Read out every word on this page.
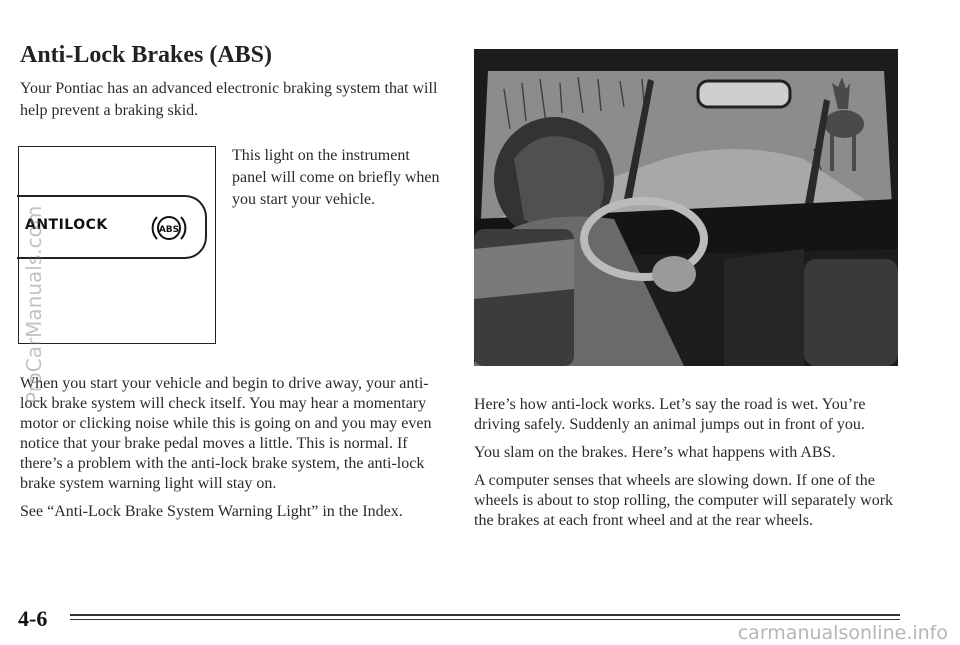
Anti-Lock Brakes (ABS)

Your Pontiac has an advanced electronic braking system that will help prevent a braking skid.

ANTILOCK	ABS

This light on the instrument panel will come on briefly when you start your vehicle.

When you start your vehicle and begin to drive away, your anti-lock brake system will check itself. You may hear a momentary motor or clicking noise while this is going on and you may even notice that your brake pedal moves a little. This is normal. If there’s a problem with the anti-lock brake system, the anti-lock brake system warning light will stay on.

See “Anti-Lock Brake System Warning Light” in the Index.

Here’s how anti-lock works. Let’s say the road is wet. You’re driving safely. Suddenly an animal jumps out in front of you.

You slam on the brakes. Here’s what happens with ABS.

A computer senses that wheels are slowing down. If one of the wheels is about to stop rolling, the computer will separately work the brakes at each front wheel and at the rear wheels.

4-6

ProCarManuals.com
carmanualsonline.info
